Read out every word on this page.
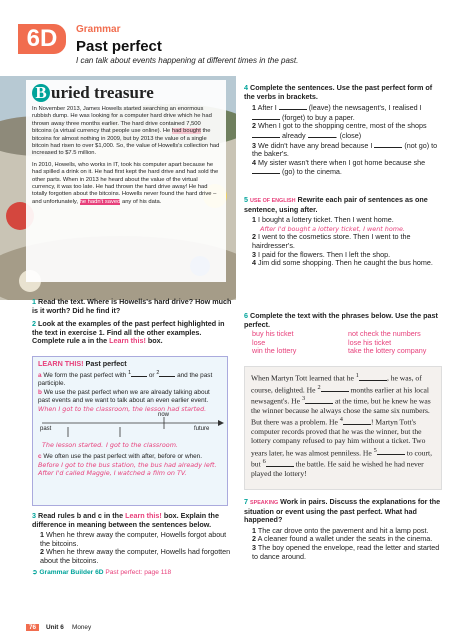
6D	Grammar
Past perfect
I can talk about events happening at different times in the past.
B uried treasure

In November 2013, James Howells started searching an enormous rubbish dump. He was looking for a computer hard drive which he had thrown away three months earlier. The hard drive contained 7,500 bitcoins (a virtual currency that people use online). He had bought the bitcoins for almost nothing in 2009, but by 2013 the value of a single bitcoin had risen to over $1,000. So, the value of Howells's collection had increased to $7.5 million.

In 2010, Howells, who works in IT, took his computer apart because he had spilled a drink on it. He had first kept the hard drive and had sold the other parts. When in 2013 he heard about the value of the virtual currency, it was too late. He had thrown the hard drive away! He had totally forgotten about the bitcoins. Howells never found the hard drive – and unfortunately, he hadn't saved any of his data.

1 Read the text. Where is Howells's hard drive? How much is it worth? Did he find it?
2 Look at the examples of the past perfect highlighted in the text in exercise 1. Find all the other examples. Complete rule a in the Learn this! box.
LEARN THIS! Past perfect
a We form the past perfect with $^1$	or $^2$	and the past participle.
b We use the past perfect when we are already talking about past events and we want to talk about an even earlier event.
When I got to the classroom, the lesson had started.
now
past	future
The lesson started. I got to the classroom.
c We often use the past perfect with after, before or when.
Before I got to the bus station, the bus had already left.
After I'd called Maggie, I watched a film on TV.
3 Read rules b and c in the Learn this! box. Explain the difference in meaning between the sentences below.
1 When he threw away the computer, Howells forgot about the bitcoins.
2 When he threw away the computer, Howells had forgotten about the bitcoins.
➲ Grammar Builder 6D Past perfect: page 118
4 Complete the sentences. Use the past perfect form of the verbs in brackets.
1 After I	(leave) the newsagent's, I realised I  (forget) to buy a paper.
2 When I got to the shopping centre, most of the shops  already	. (close)
3 We didn't have any bread because I	(not go) to the baker's.
4 My sister wasn't there when I got home because she  (go) to the cinema.
5 USE OF ENGLISH Rewrite each pair of sentences as one sentence, using after.
1 I bought a lottery ticket. Then I went home.
After I'd bought a lottery ticket, I went home.
2 I went to the cosmetics store. Then I went to the hairdresser's.
3 I paid for the flowers. Then I left the shop.
4 Jim did some shopping. Then he caught the bus home.
6 Complete the text with the phrases below. Use the past perfect.
buy his ticket	not check the numbers
lose	lose his ticket
win the lottery	take the lottery company
When Martyn Tott learned that he $^1$	, he was, of course, delighted. He $^2$	months earlier at his local newsagent's. He $^3$	at the time, but he knew he was the winner because he always chose the same six numbers. But there was a problem. He $^4$	! Martyn Tott's computer records proved that he was the winner, but the lottery company refused to pay him without a ticket. Two years later, he was almost penniless. He $^5$	to court, but $^6$	the battle. He said he wished he had never played the lottery!
7 SPEAKING Work in pairs. Discuss the explanations for the situation or event using the past perfect. What had happened?
1 The car drove onto the pavement and hit a lamp post.
2 A cleaner found a wallet under the seats in the cinema.
3 The boy opened the envelope, read the letter and started to dance around.
76	Unit 6 Money
